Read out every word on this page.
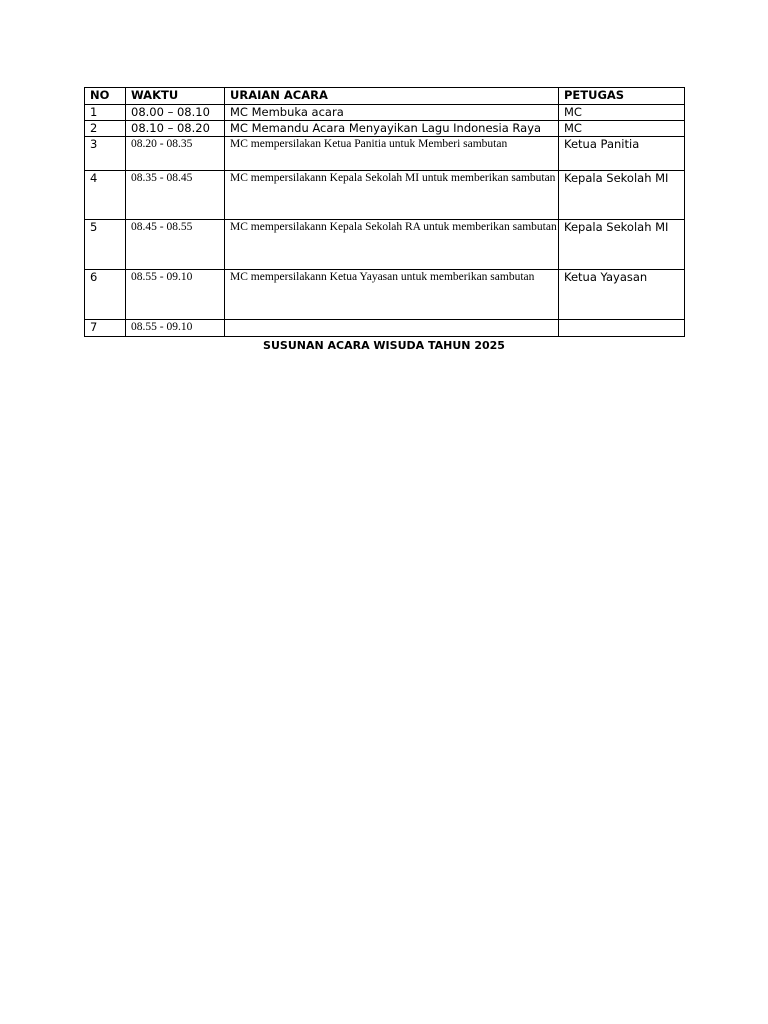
NO	WAKTU	URAIAN ACARA	PETUGAS
1	08.00 – 08.10	MC Membuka acara	MC
2	08.10 – 08.20	MC Memandu Acara Menyayikan Lagu Indonesia Raya	MC
3	08.20 - 08.35	MC mempersilakan Ketua Panitia untuk Memberi sambutan	Ketua Panitia
4	08.35 - 08.45	MC mempersilakann Kepala Sekolah MI untuk memberikan sambutan	Kepala Sekolah MI
5	08.45 - 08.55	MC mempersilakann Kepala Sekolah RA untuk memberikan sambutan	Kepala Sekolah MI
6	08.55 - 09.10	MC mempersilakann Ketua Yayasan untuk memberikan sambutan	Ketua Yayasan
7	08.55 - 09.10		
SUSUNAN ACARA WISUDA TAHUN 2025
